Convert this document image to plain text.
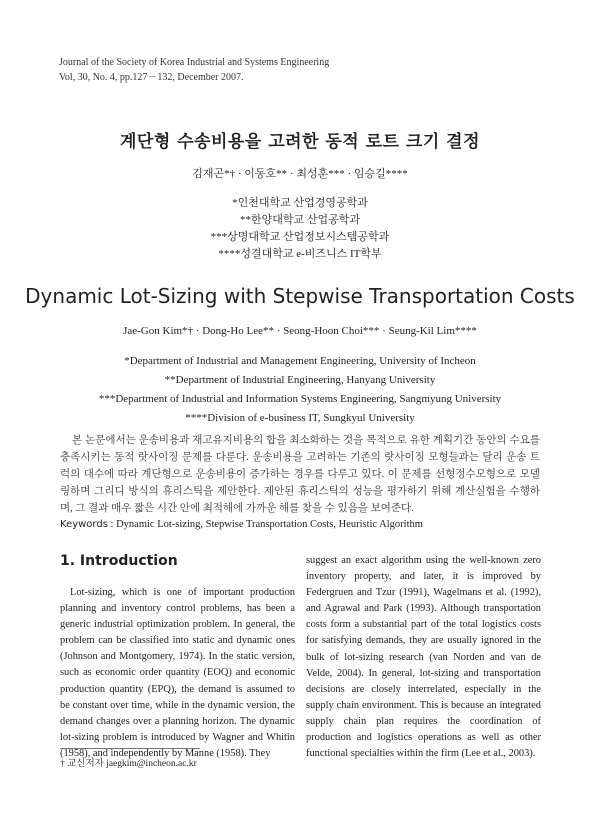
Journal of the Society of Korea Industrial and Systems Engineering
Vol, 30, No. 4, pp.127－132, December 2007.
계단형 수송비용을 고려한 동적 로트 크기 결정
김재곤*† · 이동호** · 최성훈*** · 임승길****
*인천대학교 산업경영공학과
**한양대학교 산업공학과
***상명대학교 산업정보시스템공학과
****성결대학교 e-비즈니스 IT학부
Dynamic Lot-Sizing with Stepwise Transportation Costs
Jae-Gon Kim*† · Dong-Ho Lee** · Seong-Hoon Choi*** · Seung-Kil Lim****
*Department of Industrial and Management Engineering, University of Incheon
**Department of Industrial Engineering, Hanyang University
***Department of Industrial and Information Systems Engineering, Sangmyung University
****Division of e-business IT, Sungkyul University
본 논문에서는 운송비용과 재고유지비용의 합을 최소화하는 것을 목적으로 유한 계획기간 동안의 수요를 충족시키는 동적 랏사이징 문제를 다룬다. 운송비용을 고려하는 기존의 랏사이징 모형들과는 달리 운송 트럭의 대수에 따라 계단형으로 운송비용이 증가하는 경우를 다루고 있다. 이 문제를 선형정수모형으로 모델링하며 그리디 방식의 휴리스틱을 제안한다. 제안된 휴리스틱의 성능을 평가하기 위해 계산실험을 수행하며, 그 결과 매우 짧은 시간 안에 최적해에 가까운 해를 찾을 수 있음을 보여준다.
Keywords : Dynamic Lot-sizing, Stepwise Transportation Costs, Heuristic Algorithm
1. Introduction
Lot-sizing, which is one of important production planning and inventory control problems, has been a generic industrial optimization problem. In general, the problem can be classified into static and dynamic ones (Johnson and Montgomery, 1974). In the static version, such as economic order quantity (EOQ) and economic production quantity (EPQ), the demand is assumed to be constant over time, while in the dynamic version, the demand changes over a planning horizon. The dynamic lot-sizing problem is introduced by Wagner and Whitin (1958), and independently by Manne (1958). They
suggest an exact algorithm using the well-known zero inventory property, and later, it is improved by Federgruen and Tzur (1991), Wagelmans et al. (1992), and Agrawal and Park (1993). Although transportation costs form a substantial part of the total logistics costs for satisfying demands, they are usually ignored in the bulk of lot-sizing research (van Norden and van de Velde, 2004). In general, lot-sizing and transportation decisions are closely interrelated, especially in the supply chain environment. This is because an integrated supply chain plan requires the coordination of production and logistics operations as well as other functional specialties within the firm (Lee et al., 2003).
† 교신저자 jaegkim@incheon.ac.kr
